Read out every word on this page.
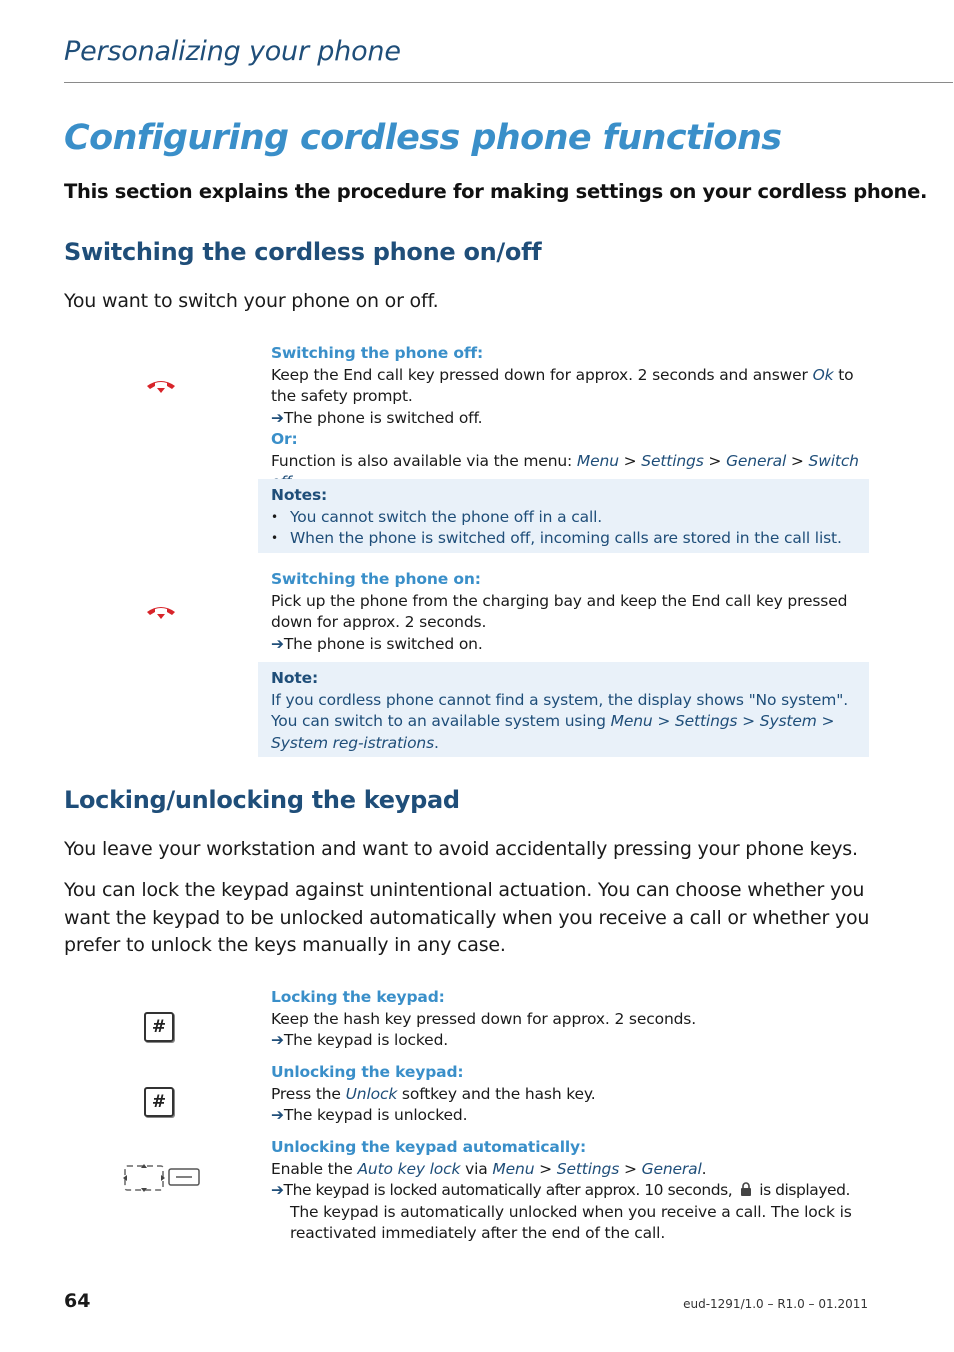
Personalizing your phone
Configuring cordless phone functions
This section explains the procedure for making settings on your cordless phone.
Switching the cordless phone on/off
You want to switch your phone on or off.
Switching the phone off:
Keep the End call key pressed down for approx. 2 seconds and answer Ok to the safety prompt.
➔The phone is switched off.
Or:
Function is also available via the menu: Menu > Settings > General > Switch
Notes:
• You cannot switch the phone off in a call.
• When the phone is switched off, incoming calls are stored in the call list.
Switching the phone on:
Pick up the phone from the charging bay and keep the End call key pressed down for approx. 2 seconds.
➔The phone is switched on.
Note:
If you cordless phone cannot find a system, the display shows "No system". You can switch to an available system using Menu > Settings > System > System reg-istrations.
Locking/unlocking the keypad
You leave your workstation and want to avoid accidentally pressing your phone keys.
You can lock the keypad against unintentional actuation. You can choose whether you want the keypad to be unlocked automatically when you receive a call or whether you prefer to unlock the keys manually in any case.
#
Locking the keypad:
Keep the hash key pressed down for approx. 2 seconds.
➔The keypad is locked.
#
Unlocking the keypad:
Press the Unlock softkey and the hash key.
➔The keypad is unlocked.
Unlocking the keypad automatically:
Enable the Auto key lock via Menu > Settings > General.
➔The keypad is locked automatically after approx. 10 seconds,  is displayed.
The keypad is automatically unlocked when you receive a call. The lock is reactivated immediately after the end of the call.
64	eud-1291/1.0 – R1.0 – 01.2011
